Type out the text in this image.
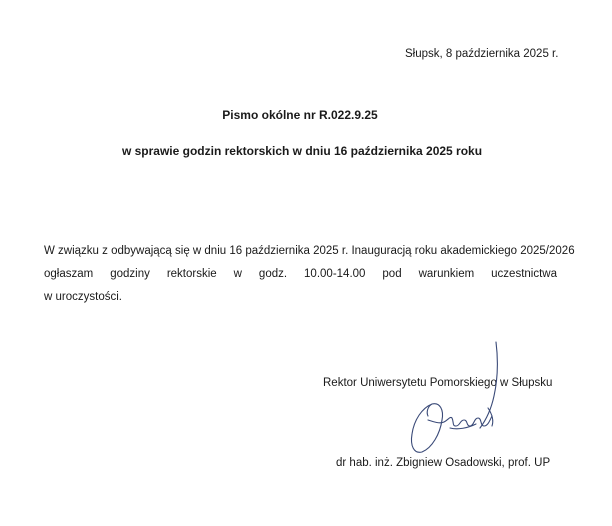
Słupsk, 8 października 2025 r.
Pismo okólne nr R.022.9.25
w sprawie godzin rektorskich w dniu 16 października 2025 roku
W związku z odbywającą się w dniu 16 października 2025 r. Inauguracją roku akademickiego 2025/2026
ogłaszam godziny rektorskie w godz. 10.00-14.00 pod warunkiem uczestnictwa
w uroczystości.
Rektor Uniwersytetu Pomorskiego w Słupsku
dr hab. inż. Zbigniew Osadowski, prof. UP
